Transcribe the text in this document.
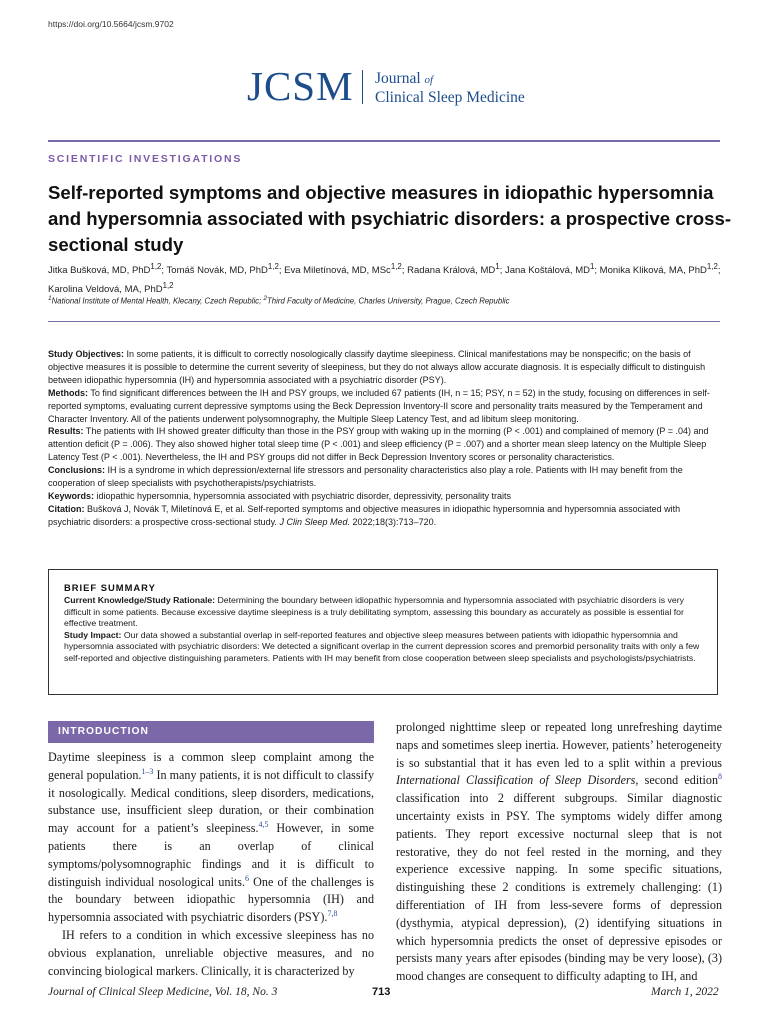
https://doi.org/10.5664/jcsm.9702
JCSM Journal of
Clinical Sleep Medicine
SCIENTIFIC INVESTIGATIONS
Self-reported symptoms and objective measures in idiopathic hypersomnia and hypersomnia associated with psychiatric disorders: a prospective cross-sectional study
Jitka Bušková, MD, PhD$^{1,2}$; Tomáš Novák, MD, PhD$^{1,2}$; Eva Miletínová, MD, MSc$^{1,2}$; Radana Králová, $MD^1$; Jana Koštálová, $MD^1$; Monika Kliková, MA, PhD$^{1,2}$; Karolina Veldová, MA, PhD$^{1,2}$
$^1$National Institute of Mental Health, Klecany, Czech Republic; $^2$Third Faculty of Medicine, Charles University, Prague, Czech Republic

Study Objectives: In some patients, it is difficult to correctly nosologically classify daytime sleepiness. Clinical manifestations may be nonspecific; on the basis of objective measures it is possible to determine the current severity of sleepiness, but they do not always allow accurate diagnosis. It is especially difficult to distinguish between idiopathic hypersomnia (IH) and hypersomnia associated with a psychiatric disorder (PSY).

Methods: To find significant differences between the IH and PSY groups, we included 67 patients (IH, n = 15; PSY, n = 52) in the study, focusing on differences in self-reported symptoms, evaluating current depressive symptoms using the Beck Depression Inventory-II score and personality traits measured by the Temperament and Character Inventory. All of the patients underwent polysomnography, the Multiple Sleep Latency Test, and ad libitum sleep monitoring.

Results: The patients with IH showed greater difficulty than those in the PSY group with waking up in the morning (P < .001) and complained of memory (P = .04) and attention deficit (P = .006). They also showed higher total sleep time (P < .001) and sleep efficiency (P = .007) and a shorter mean sleep latency on the Multiple Sleep Latency Test (P < .001). Nevertheless, the IH and PSY groups did not differ in Beck Depression Inventory scores or personality characteristics.

Conclusions: IH is a syndrome in which depression/external life stressors and personality characteristics also play a role. Patients with IH may benefit from the cooperation of sleep specialists with psychotherapists/psychiatrists.

Keywords: idiopathic hypersomnia, hypersomnia associated with psychiatric disorder, depressivity, personality traits

Citation: Bušková J, Novák T, Miletínová E, et al. Self-reported symptoms and objective measures in idiopathic hypersomnia and hypersomnia associated with psychiatric disorders: a prospective cross-sectional study. J Clin Sleep Med. 2022;18(3):713–720.

BRIEF SUMMARY

Current Knowledge/Study Rationale: Determining the boundary between idiopathic hypersomnia and hypersomnia associated with psychiatric disorders is very difficult in some patients. Because excessive daytime sleepiness is a truly debilitating symptom, assessing this boundary as accurately as possible is essential for effective treatment.

Study Impact: Our data showed a substantial overlap in self-reported features and objective sleep measures between patients with idiopathic hypersomnia and hypersomnia associated with psychiatric disorders: We detected a significant overlap in the current depression scores and premorbid personality traits with only a few self-reported and objective distinguishing parameters. Patients with IH may benefit from close cooperation between sleep specialists and psychologists/psychiatrists.

INTRODUCTION

Daytime sleepiness is a common sleep complaint among the general population.$^{1-3}$ In many patients, it is not difficult to classify it nosologically. Medical conditions, sleep disorders, medications, substance use, insufficient sleep duration, or their combination may account for a patient’s sleepiness.$^{4,5}$ However, in some patients there is an overlap of clinical symptoms/polysomnographic findings and it is difficult to distinguish individual nosological units.$^6$ One of the challenges is the boundary between idiopathic hypersomnia (IH) and hypersomnia associated with psychiatric disorders (PSY).$^{7,8}$

IH refers to a condition in which excessive sleepiness has no obvious explanation, unreliable objective measures, and no convincing biological markers. Clinically, it is characterized by

prolonged nighttime sleep or repeated long unrefreshing daytime naps and sometimes sleep inertia. However, patients’ heterogeneity is so substantial that it has even led to a split within a previous International Classification of Sleep Disorders, second edition$^8$ classification into 2 different subgroups. Similar diagnostic uncertainty exists in PSY. The symptoms widely differ among patients. They report excessive nocturnal sleep that is not restorative, they do not feel rested in the morning, and they experience excessive napping. In some specific situations, distinguishing these 2 conditions is extremely challenging: (1) differentiation of IH from less-severe forms of depression (dysthymia, atypical depression), (2) identifying situations in which hypersomnia predicts the onset of depressive episodes or persists many years after episodes (binding may be very loose), (3) mood changes are consequent to difficulty adapting to IH, and

Journal of Clinical Sleep Medicine, Vol. 18, No. 3	713	March 1, 2022
